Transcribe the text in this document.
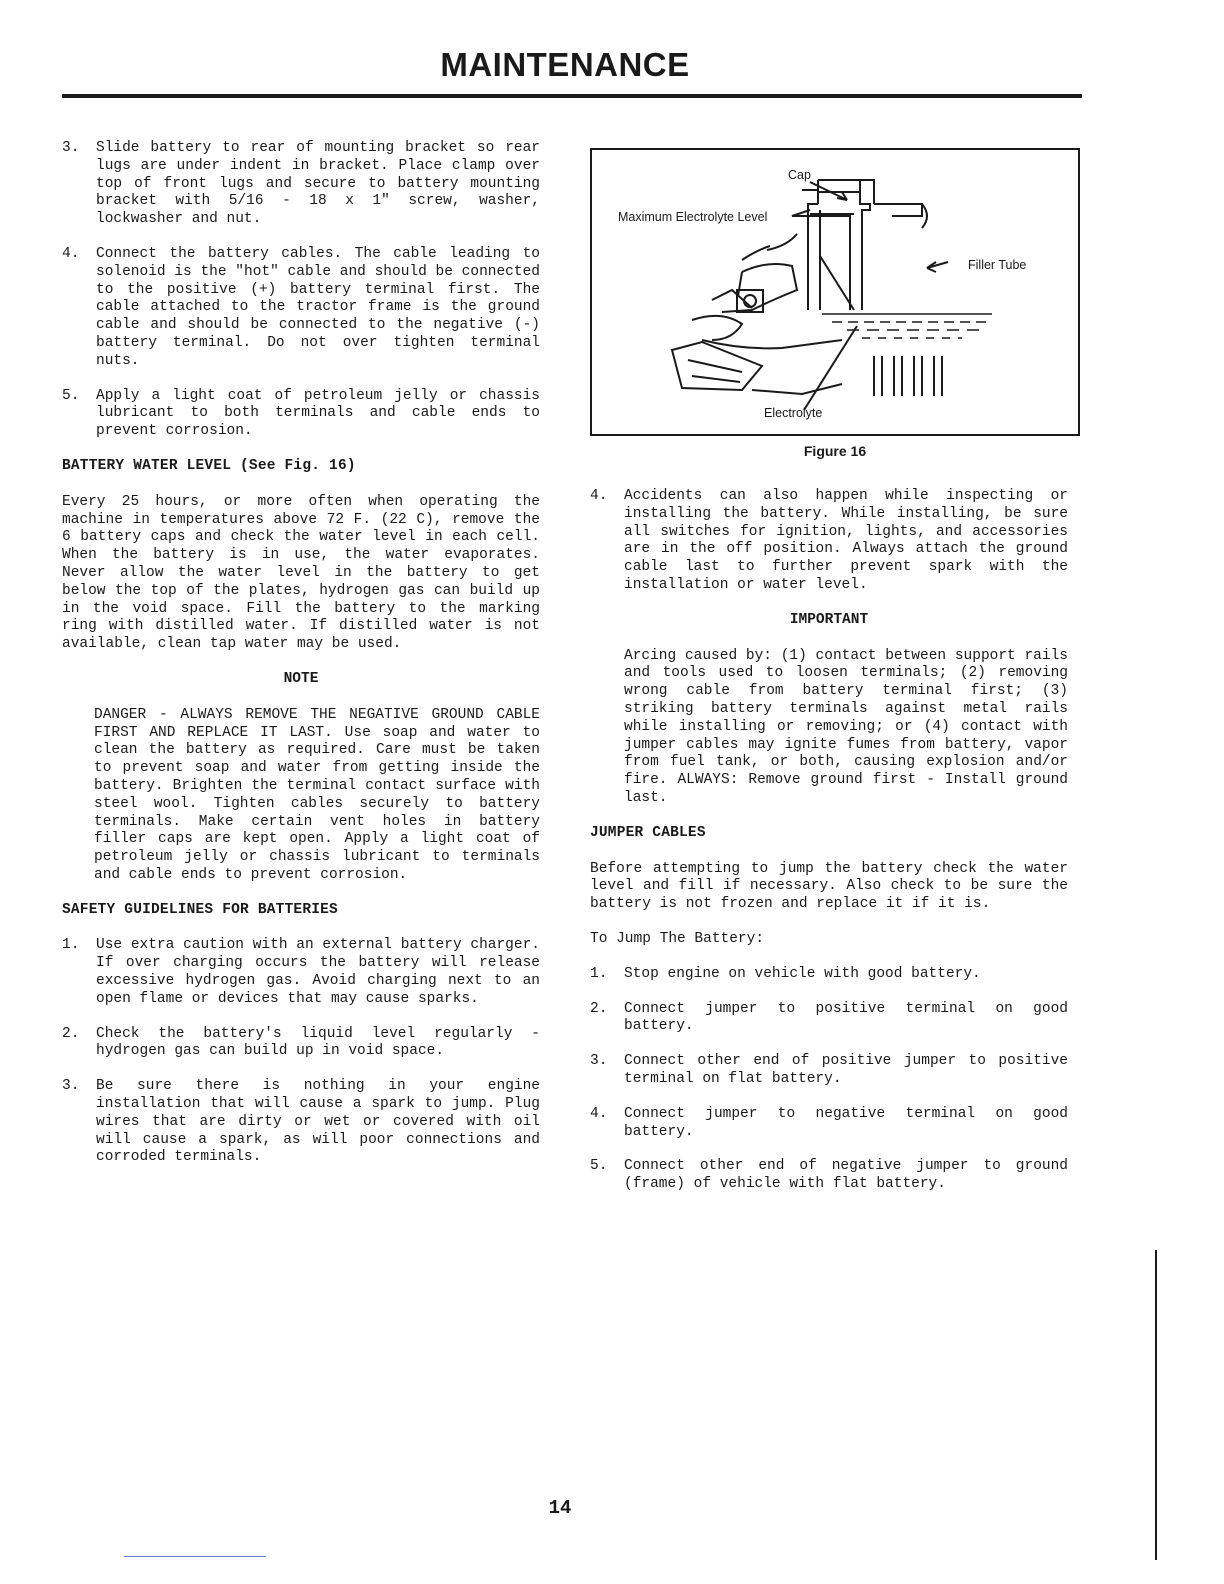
MAINTENANCE
3.	Slide battery to rear of mounting bracket so rear lugs are under indent in bracket. Place clamp over top of front lugs and secure to battery mounting bracket with 5/16 - 18 x 1" screw, washer, lockwasher and nut.
4.	Connect the battery cables. The cable leading to solenoid is the "hot" cable and should be connected to the positive (+) battery terminal first. The cable attached to the tractor frame is the ground cable and should be connected to the negative (-) battery terminal. Do not over tighten terminal nuts.
5.	Apply a light coat of petroleum jelly or chassis lubricant to both terminals and cable ends to prevent corrosion.
BATTERY WATER LEVEL (See Fig. 16)
Every 25 hours, or more often when operating the machine in temperatures above 72 F. (22 C), remove the 6 battery caps and check the water level in each cell. When the battery is in use, the water evaporates. Never allow the water level in the battery to get below the top of the plates, hydrogen gas can build up in the void space. Fill the battery to the marking ring with distilled water. If distilled water is not available, clean tap water may be used.
NOTE
DANGER - ALWAYS REMOVE THE NEGATIVE GROUND CABLE FIRST AND REPLACE IT LAST. Use soap and water to clean the battery as required. Care must be taken to prevent soap and water from getting inside the battery. Brighten the terminal contact surface with steel wool. Tighten cables securely to battery terminals. Make certain vent holes in battery filler caps are kept open. Apply a light coat of petroleum jelly or chassis lubricant to terminals and cable ends to prevent corrosion.
SAFETY GUIDELINES FOR BATTERIES
1.	Use extra caution with an external battery charger. If over charging occurs the battery will release excessive hydrogen gas. Avoid charging next to an open flame or devices that may cause sparks.
2.	Check the battery's liquid level regularly - hydrogen gas can build up in void space.
3.	Be sure there is nothing in your engine installation that will cause a spark to jump. Plug wires that are dirty or wet or covered with oil will cause a spark, as will poor connections and corroded terminals.
Cap
Maximum Electrolyte Level
Filler Tube
Electrolyte
Figure 16
4.	Accidents can also happen while inspecting or installing the battery. While installing, be sure all switches for ignition, lights, and accessories are in the off position. Always attach the ground cable last to further prevent spark with the installation or water level.
IMPORTANT
Arcing caused by: (1) contact between support rails and tools used to loosen terminals; (2) removing wrong cable from battery terminal first; (3) striking battery terminals against metal rails while installing or removing; or (4) contact with jumper cables may ignite fumes from battery, vapor from fuel tank, or both, causing explosion and/or fire. ALWAYS: Remove ground first - Install ground last.
JUMPER CABLES
Before attempting to jump the battery check the water level and fill if necessary. Also check to be sure the battery is not frozen and replace it if it is.
To Jump The Battery:
1.	Stop engine on vehicle with good battery.
2.	Connect jumper to positive terminal on good battery.
3.	Connect other end of positive jumper to positive terminal on flat battery.
4.	Connect jumper to negative terminal on good battery.
5.	Connect other end of negative jumper to ground (frame) of vehicle with flat battery.
14
